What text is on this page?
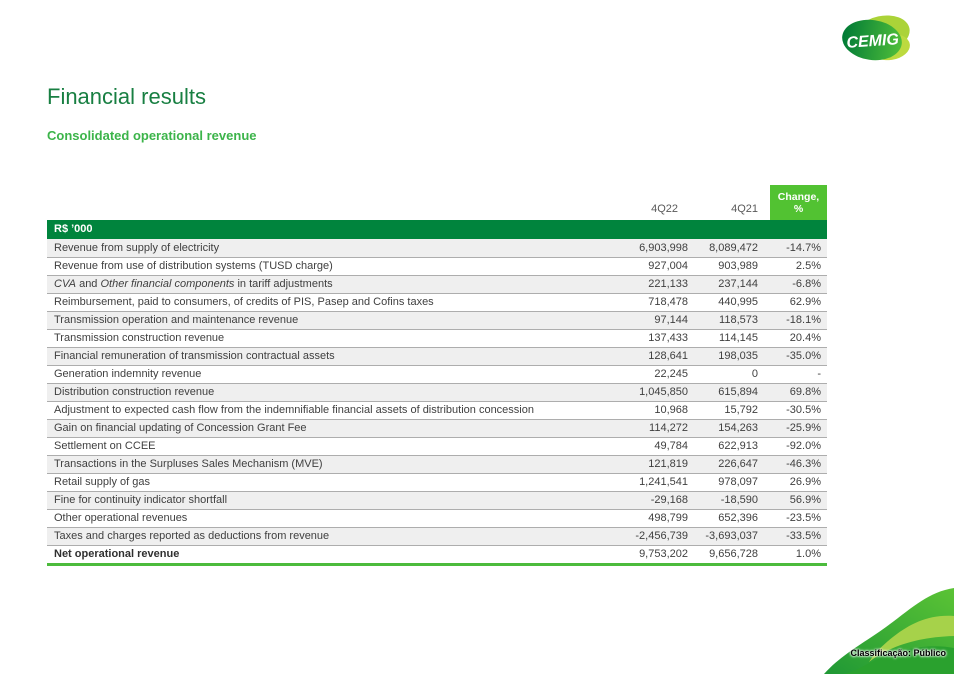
Financial results
Consolidated operational revenue
CEMIG
4Q22	4Q21
Change,
%
R$ ’000
Revenue from supply of electricity	6,903,998	8,089,472	-14.7%
Revenue from use of distribution systems (TUSD charge)	927,004	903,989	2.5%
CVA and Other financial components in tariff adjustments	221,133	237,144	-6.8%
Reimbursement, paid to consumers, of credits of PIS, Pasep and Cofins taxes	718,478	440,995	62.9%
Transmission operation and maintenance revenue	97,144	118,573	-18.1%
Transmission construction revenue	137,433	114,145	20.4%
Financial remuneration of transmission contractual assets	128,641	198,035	-35.0%
Generation indemnity revenue	22,245	0	-
Distribution construction revenue	1,045,850	615,894	69.8%
Adjustment to expected cash flow from the indemnifiable financial assets of distribution concession	10,968	15,792	-30.5%
Gain on financial updating of Concession Grant Fee	114,272	154,263	-25.9%
Settlement on CCEE	49,784	622,913	-92.0%
Transactions in the Surpluses Sales Mechanism (MVE)	121,819	226,647	-46.3%
Retail supply of gas	1,241,541	978,097	26.9%
Fine for continuity indicator shortfall	-29,168	-18,590	56.9%
Other operational revenues	498,799	652,396	-23.5%
Taxes and charges reported as deductions from revenue	-2,456,739	-3,693,037	-33.5%
Net operational revenue	9,753,202	9,656,728	1.0%
Classificação: Público
